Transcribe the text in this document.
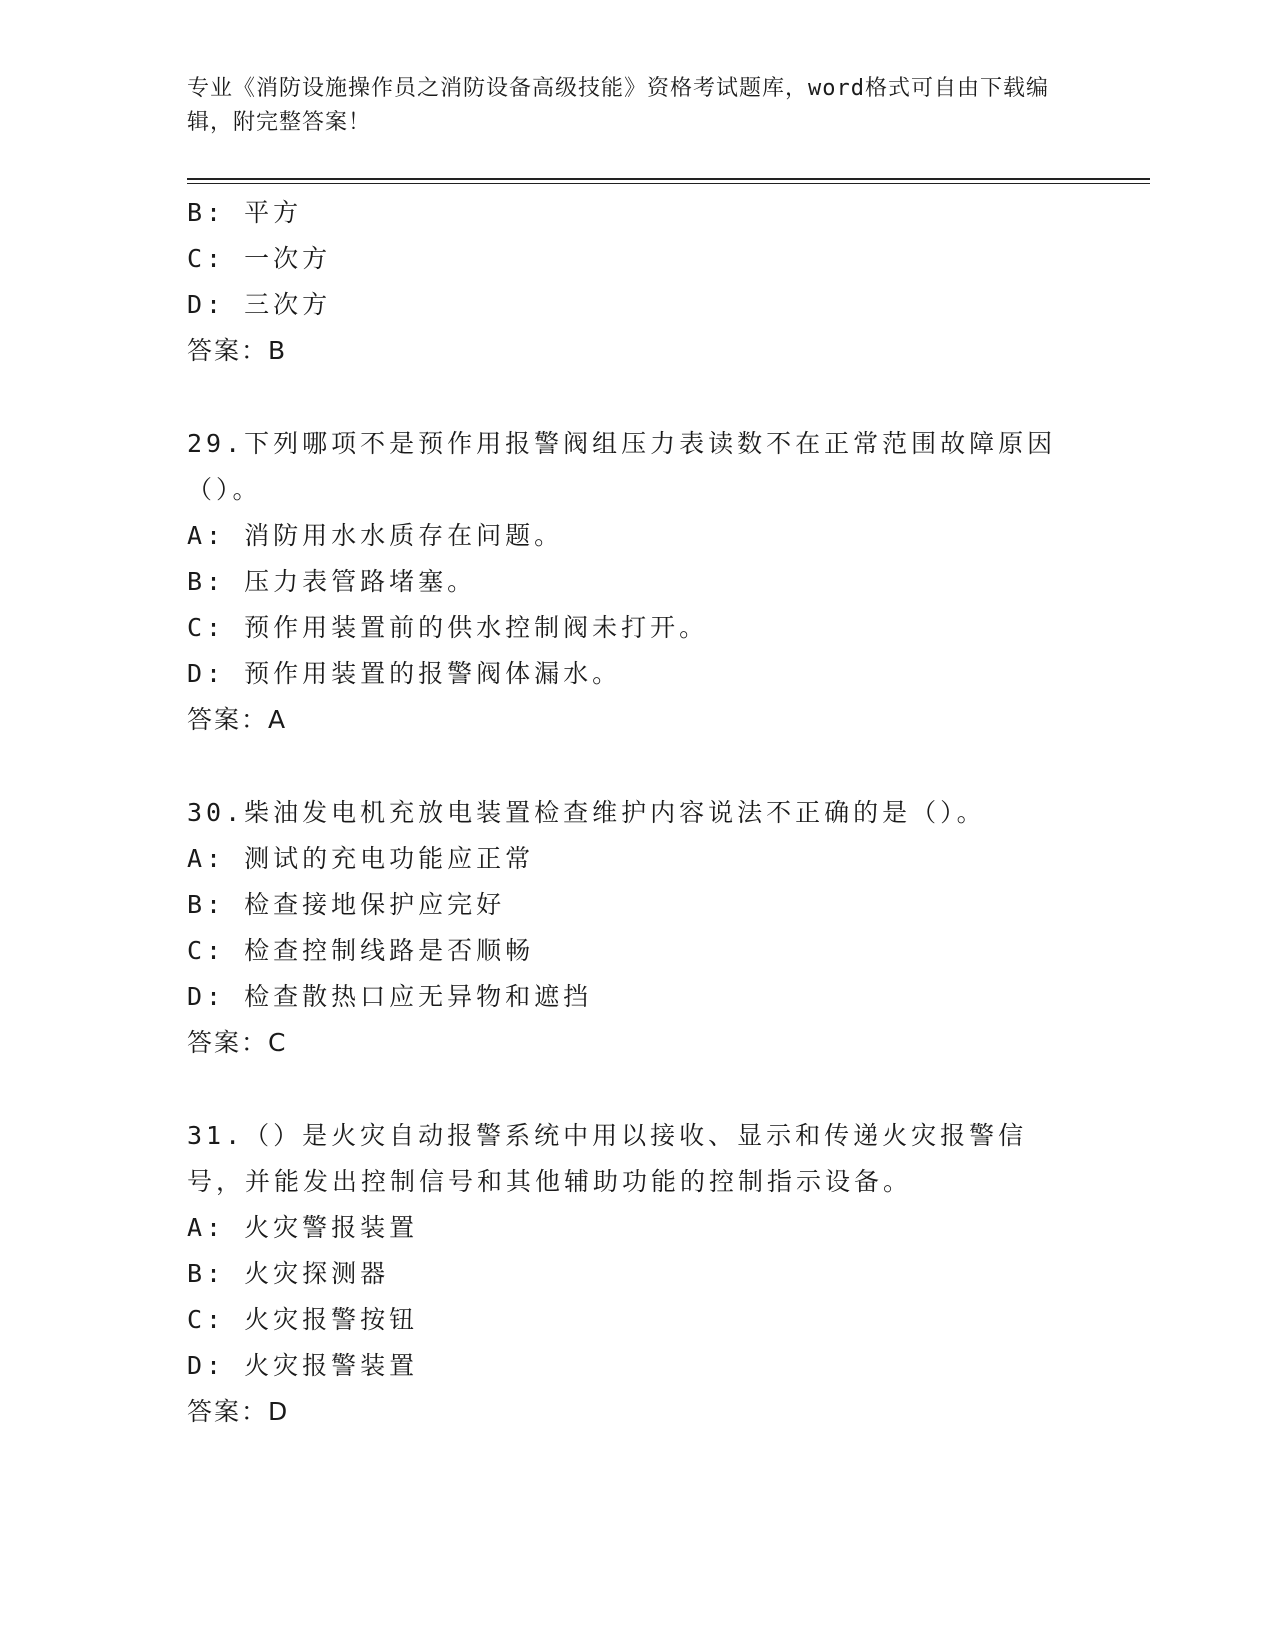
专业《消防设施操作员之消防设备高级技能》资格考试题库，word格式可自由下载编辑，附完整答案！
B: 平方
C: 一次方
D: 三次方
答案：B
29.下列哪项不是预作用报警阀组压力表读数不在正常范围故障原因（）。
A: 消防用水水质存在问题。
B: 压力表管路堵塞。
C: 预作用装置前的供水控制阀未打开。
D: 预作用装置的报警阀体漏水。
答案：A
30.柴油发电机充放电装置检查维护内容说法不正确的是（）。
A: 测试的充电功能应正常
B: 检查接地保护应完好
C: 检查控制线路是否顺畅
D: 检查散热口应无异物和遮挡
答案：C
31.（）是火灾自动报警系统中用以接收、显示和传递火灾报警信号，并能发出控制信号和其他辅助功能的控制指示设备。
A: 火灾警报装置
B: 火灾探测器
C: 火灾报警按钮
D: 火灾报警装置
答案：D
